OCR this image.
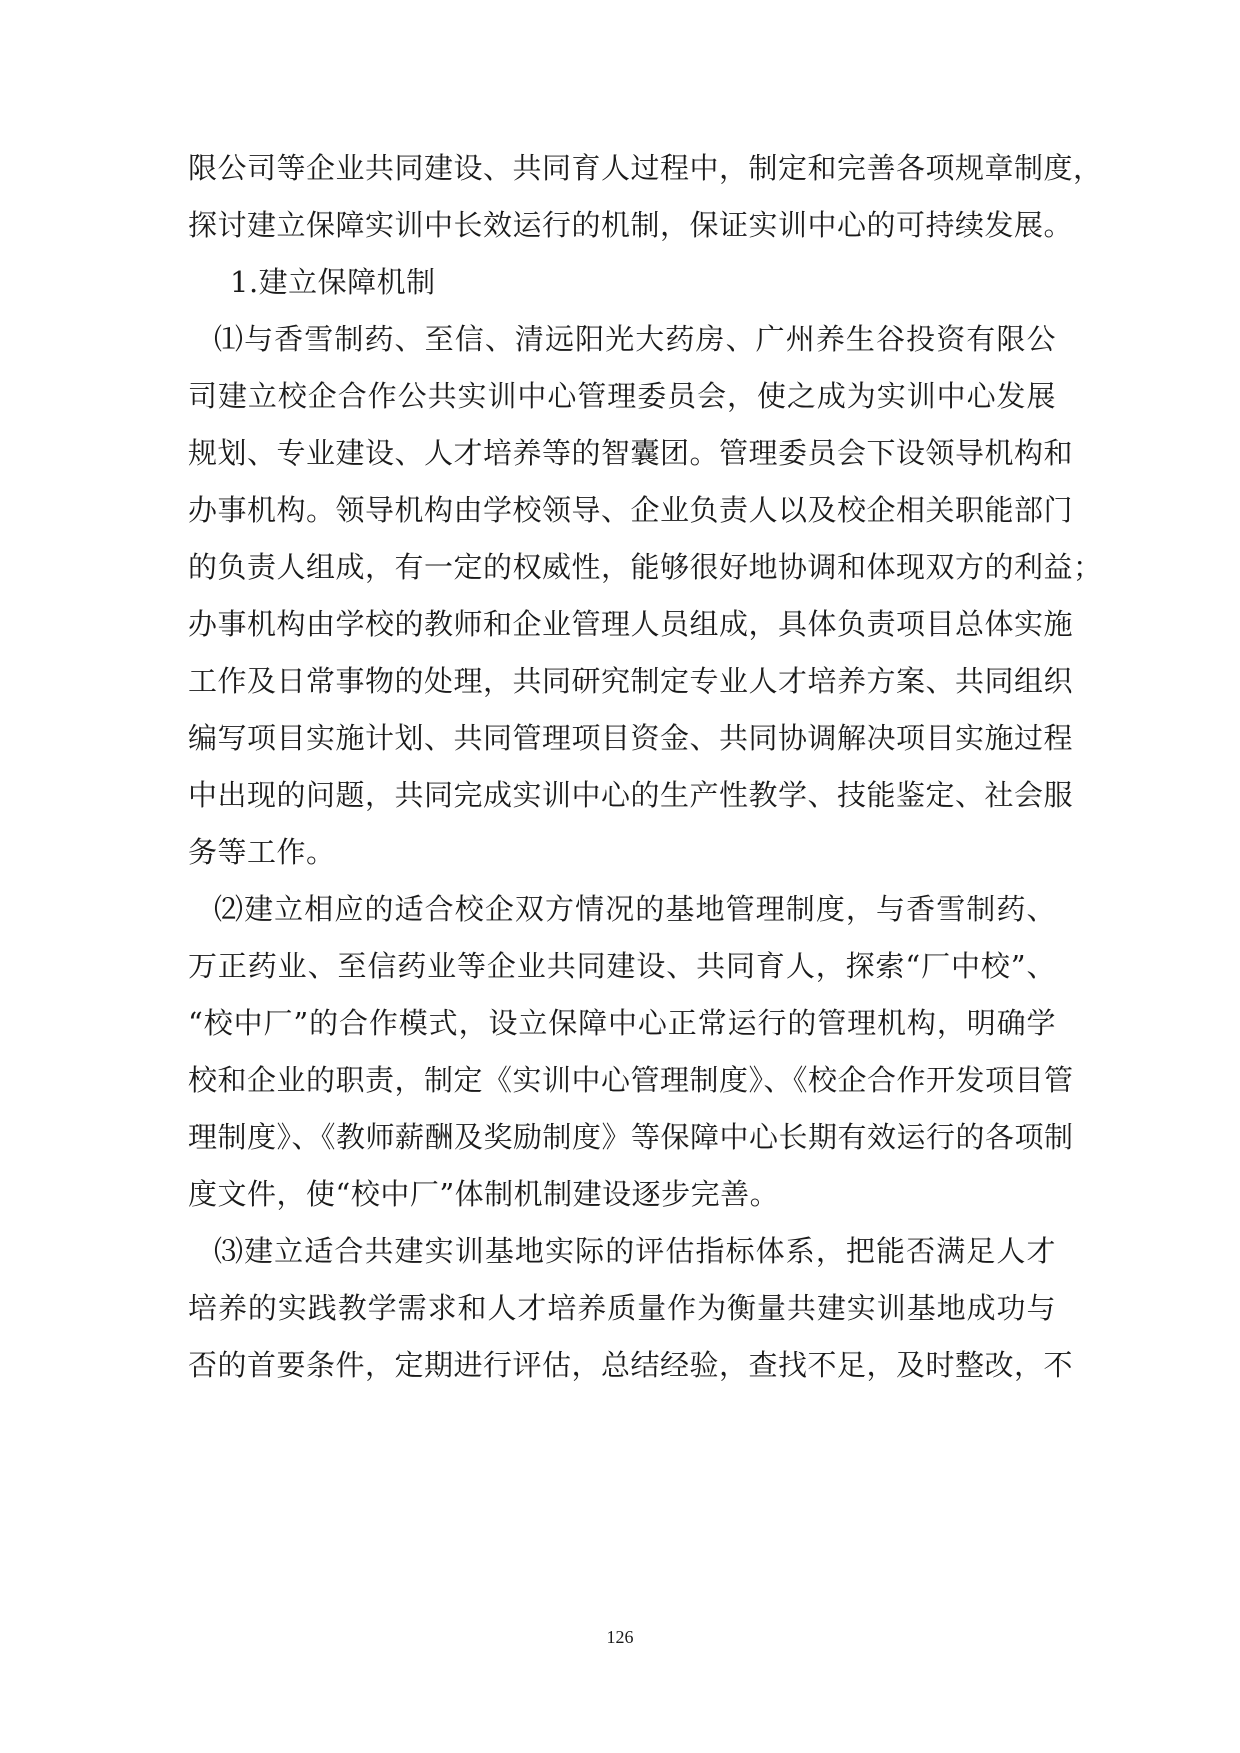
限公司等企业共同建设、共同育人过程中，制定和完善各项规章制度，
探讨建立保障实训中长效运行的机制，保证实训中心的可持续发展。
1.建立保障机制
⑴与香雪制药、至信、清远阳光大药房、广州养生谷投资有限公
司建立校企合作公共实训中心管理委员会，使之成为实训中心发展
规划、专业建设、人才培养等的智囊团。管理委员会下设领导机构和
办事机构。领导机构由学校领导、企业负责人以及校企相关职能部门
的负责人组成，有一定的权威性，能够很好地协调和体现双方的利益；
办事机构由学校的教师和企业管理人员组成，具体负责项目总体实施
工作及日常事物的处理，共同研究制定专业人才培养方案、共同组织
编写项目实施计划、共同管理项目资金、共同协调解决项目实施过程
中出现的问题，共同完成实训中心的生产性教学、技能鉴定、社会服
务等工作。
⑵建立相应的适合校企双方情况的基地管理制度，与香雪制药、
万正药业、至信药业等企业共同建设、共同育人，探索“厂中校”、
“校中厂”的合作模式，设立保障中心正常运行的管理机构，明确学
校和企业的职责，制定《实训中心管理制度》、《校企合作开发项目管
理制度》、《教师薪酬及奖励制度》等保障中心长期有效运行的各项制
度文件，使“校中厂”体制机制建设逐步完善。
⑶建立适合共建实训基地实际的评估指标体系，把能否满足人才
培养的实践教学需求和人才培养质量作为衡量共建实训基地成功与
否的首要条件，定期进行评估，总结经验，查找不足，及时整改，不
126
